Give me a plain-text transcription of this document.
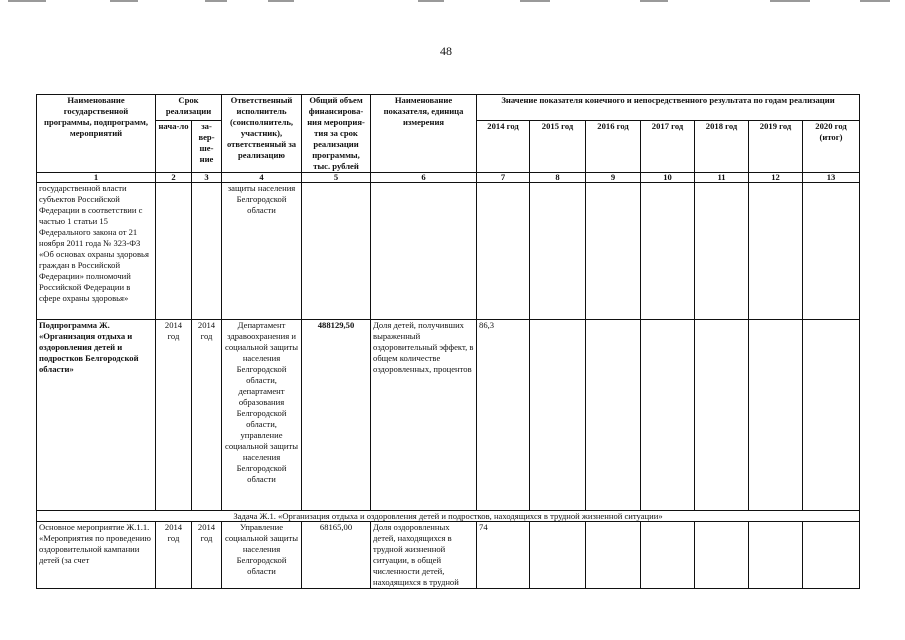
48
Наименование государственной программы, подпрограмм, мероприятий	Срок реализации		Ответственный исполнитель (соисполнитель, участник), ответственный за реализацию	Общий объем финансирова-ния мероприя-тия за срок реализации программы, тыс. рублей	Наименование показателя, единица измерения	Значение показателя конечного и непосредственного результата по годам реализации						
	нача-ло	за-вер-ше-ние				2014 год	2015 год	2016 год	2017 год	2018 год	2019 год	2020 год (итог)
1	2	3	4	5	6	7	8	9	10	11	12	13
государственной власти субъектов Российской Федерации в соответствии с частью 1 статьи 15 Федерального закона от 21 ноября 2011 года № 323-ФЗ «Об основах охраны здоровья граждан в Российской Федерации» полномочий Российской Федерации в сфере охраны здоровья»			защиты населения Белгородской области									
Подпрограмма Ж. «Организация отдыха и оздоровления детей и подростков Белгородской области»	2014 год	2014 год	Департамент здравоохранения и социальной защиты населения Белгородской области, департамент образования Белгородской области, управление социальной защиты населения Белгородской области	488129,50	Доля детей, получивших выраженный оздоровительный эффект, в общем количестве оздоровленных, процентов	86,3						
Задача Ж.1. «Организация отдыха и оздоровления детей и подростков, находящихся в трудной жизненной ситуации»												
Основное мероприятие Ж.1.1. «Мероприятия по проведению оздоровительной кампании детей (за счет	2014 год	2014 год	Управление социальной защиты населения Белгородской области	68165,00	Доля оздоровленных детей, находящихся в трудной жизненной ситуации, в общей численности детей, находящихся в трудной	74						
